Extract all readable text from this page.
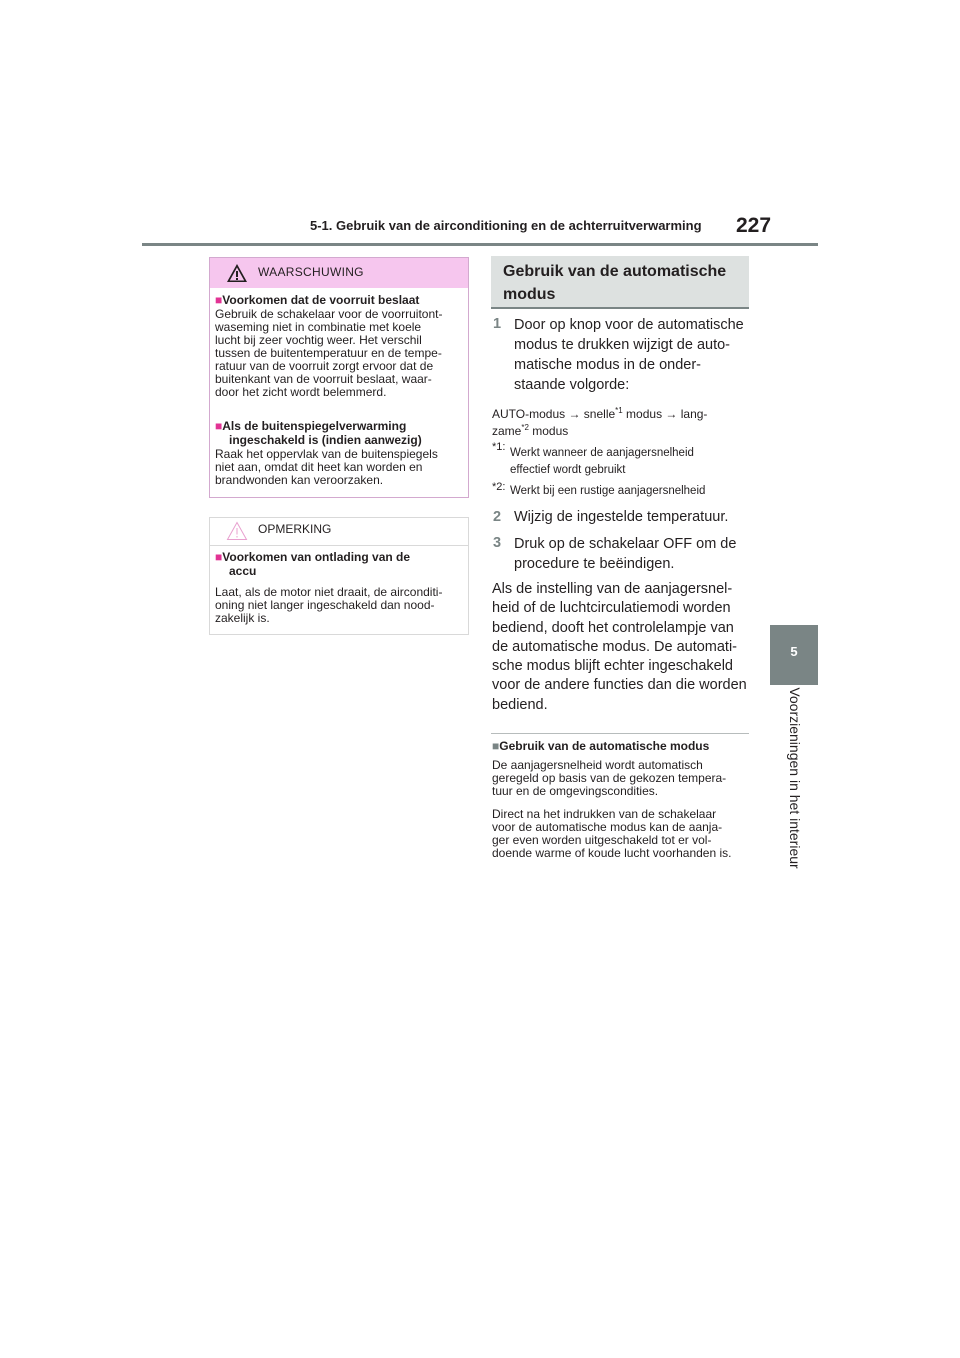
5-1. Gebruik van de airconditioning en de achterruitverwarming 227
5
Voorzieningen in het interieur
WAARSCHUWING
■Voorkomen dat de voorruit beslaat
Gebruik de schakelaar voor de voorruitont-
waseming niet in combinatie met koele
lucht bij zeer vochtig weer. Het verschil
tussen de buitentemperatuur en de tempe-
ratuur van de voorruit zorgt ervoor dat de
buitenkant van de voorruit beslaat, waar-
door het zicht wordt belemmerd.
■Als de buitenspiegelverwarming
ingeschakeld is (indien aanwezig)
Raak het oppervlak van de buitenspiegels
niet aan, omdat dit heet kan worden en
brandwonden kan veroorzaken.
OPMERKING
■Voorkomen van ontlading van de
accu
Laat, als de motor niet draait, de airconditi-
oning niet langer ingeschakeld dan nood-
zakelijk is.
Gebruik van de automatische modus
1 Door op knop voor de automatische
modus te drukken wijzigt de auto-
matische modus in de onder-
staande volgorde:
AUTO-modus → snelle$^{*1}$ modus → lang-
zame$^{*2}$ modus
*1: Werkt wanneer de aanjagersnelheid
effectief wordt gebruikt
*2: Werkt bij een rustige aanjagersnelheid
2 Wijzig de ingestelde temperatuur.
3 Druk op de schakelaar OFF om de
procedure te beëindigen.
Als de instelling van de aanjagersnel-
heid of de luchtcirculatiemodi worden
bediend, dooft het controlelampje van
de automatische modus. De automati-
sche modus blijft echter ingeschakeld
voor de andere functies dan die worden
bediend.
■Gebruik van de automatische modus
De aanjagersnelheid wordt automatisch
geregeld op basis van de gekozen tempera-
tuur en de omgevingscondities.
Direct na het indrukken van de schakelaar
voor de automatische modus kan de aanja-
ger even worden uitgeschakeld tot er vol-
doende warme of koude lucht voorhanden is.
